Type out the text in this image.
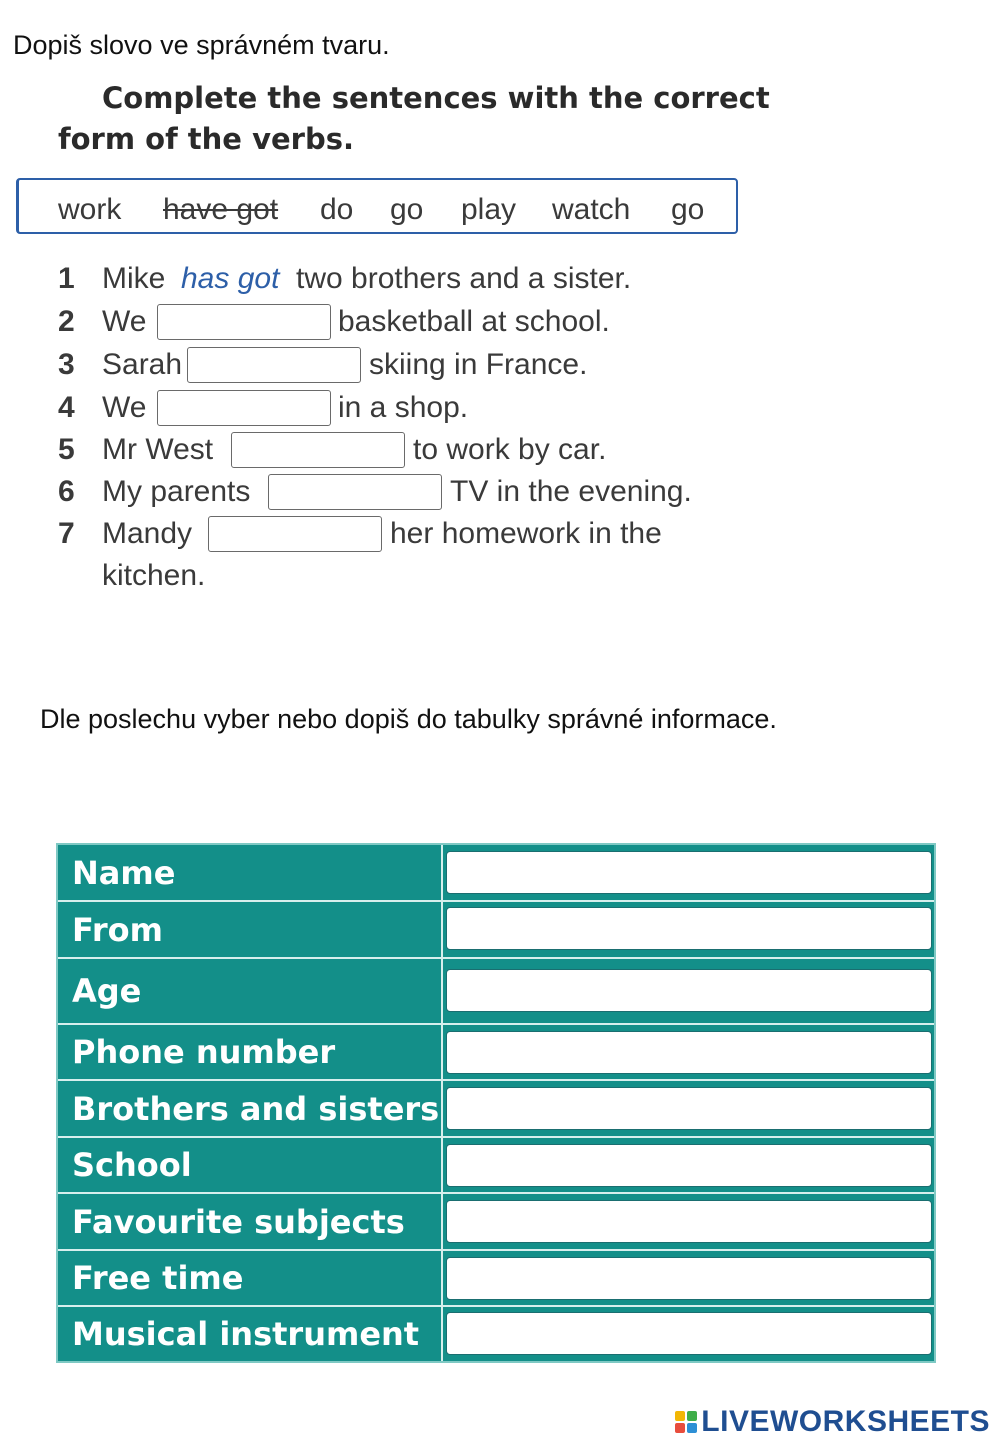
Dopiš slovo ve správném tvaru.
Complete the sentences with the correct
form of the verbs.
work have got do go play watch go
1 Mike has got two brothers and a sister.
2 We	basketball at school.
3 Sarah	skiing in France.
4 We	in a shop.
5 Mr West	to work by car.
6 My parents	TV in the evening.
7 Mandy	her homework in the
kitchen.
Dle poslechu vyber nebo dopiš do tabulky správné informace.
Name
From
Age
Phone number
Brothers and sisters
School
Favourite subjects
Free time
Musical instrument
LIVEWORKSHEETS
